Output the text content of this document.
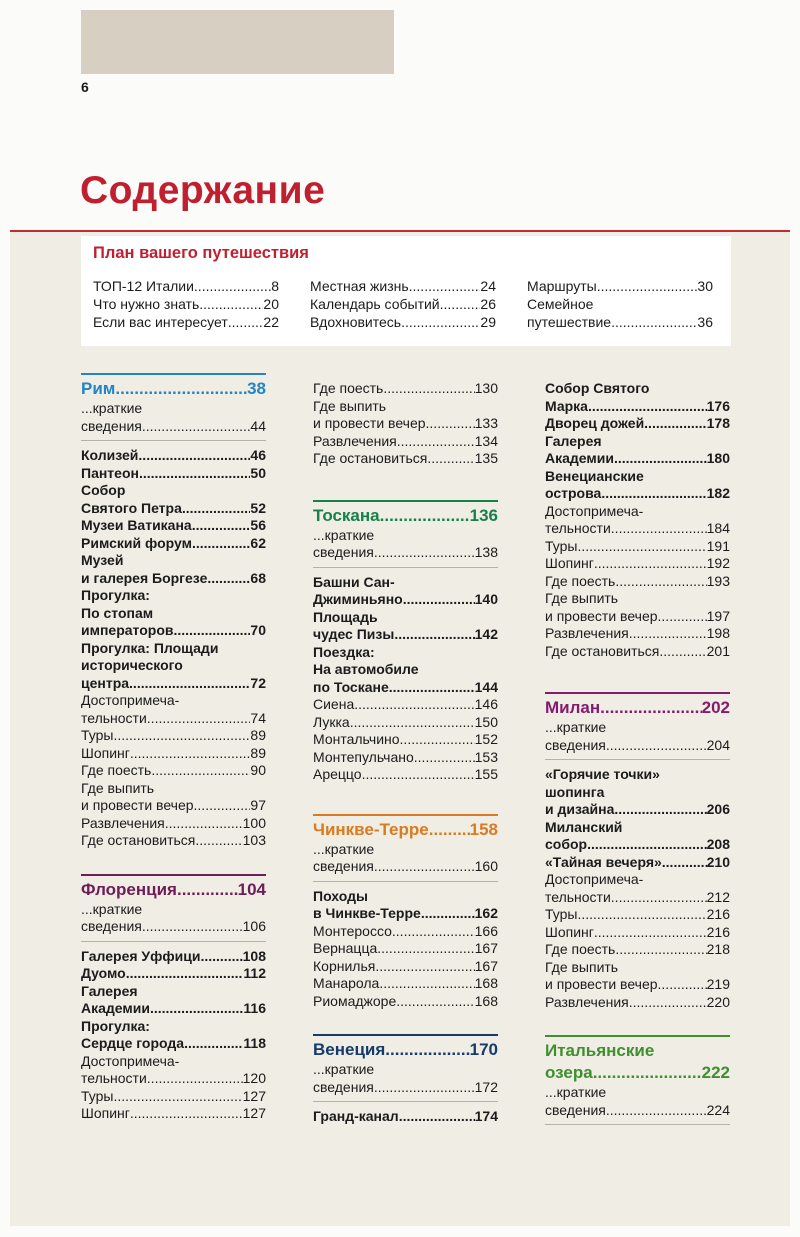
6
Содержание
План вашего путешествия
ТОП-12 Италии .....	8
Что нужно знать .....	20
Если вас интересует .....	22
Местная жизнь .....	24
Календарь событий .....	26
Вдохновитесь .....	29
Маршруты .....	30
Семейное
путешествие .....	36
Рим .....	38
...краткие
сведения .....	44
Колизей .....	46
Пантеон .....	50
Собор
Святого Петра .....	52
Музеи Ватикана .....	56
Римский форум .....	62
Музей
и галерея Боргезе .....	68
Прогулка:
По стопам
императоров .....	70
Прогулка: Площади
исторического
центра .....	72
Достопримеча-
тельности .....	74
Туры .....	89
Шопинг .....	89
Где поесть .....	90
Где выпить
и провести вечер .....	97
Развлечения .....	100
Где остановиться .....	103
Флоренция .....	104
...краткие
сведения .....	106
Галерея Уффици .....	108
Дуомо .....	112
Галерея
Академии .....	116
Прогулка:
Сердце города .....	118
Достопримеча-
тельности .....	120
Туры .....	127
Шопинг .....	127
Где поесть .....	130
Где выпить
и провести вечер .....	133
Развлечения .....	134
Где остановиться .....	135
Тоскана .....	136
...краткие
сведения .....	138
Башни Сан-
Джиминьяно .....	140
Площадь
чудес Пизы .....	142
Поездка:
На автомобиле
по Тоскане .....	144
Сиена .....	146
Лукка .....	150
Монтальчино .....	152
Монтепульчано .....	153
Ареццо .....	155
Чинкве-Терре ..... 158
...краткие
сведения .....	160
Походы
в Чинкве-Терре .....	162
Монтероссо .....	166
Вернацца .....	167
Корнилья .....	167
Манарола .....	168
Риомаджоре .....	168
Венеция .....	170
...краткие
сведения .....	172
Гранд-канал .....	174
Собор Святого
Марка .....	176
Дворец дожей .....	178
Галерея
Академии .....	180
Венецианские
острова .....	182
Достопримеча-
тельности .....	184
Туры .....	191
Шопинг .....	192
Где поесть .....	193
Где выпить
и провести вечер .....	197
Развлечения .....	198
Где остановиться .....	201
Милан .....	202
...краткие
сведения .....	204
«Горячие точки»
шопинга
и дизайна .....	206
Миланский
собор .....	208
«Тайная вечеря» .....	210
Достопримеча-
тельности .....	212
Туры .....	216
Шопинг .....	216
Где поесть .....	218
Где выпить
и провести вечер .....	219
Развлечения .....	220
Итальянские
озера .....	222
...краткие
сведения .....	224
